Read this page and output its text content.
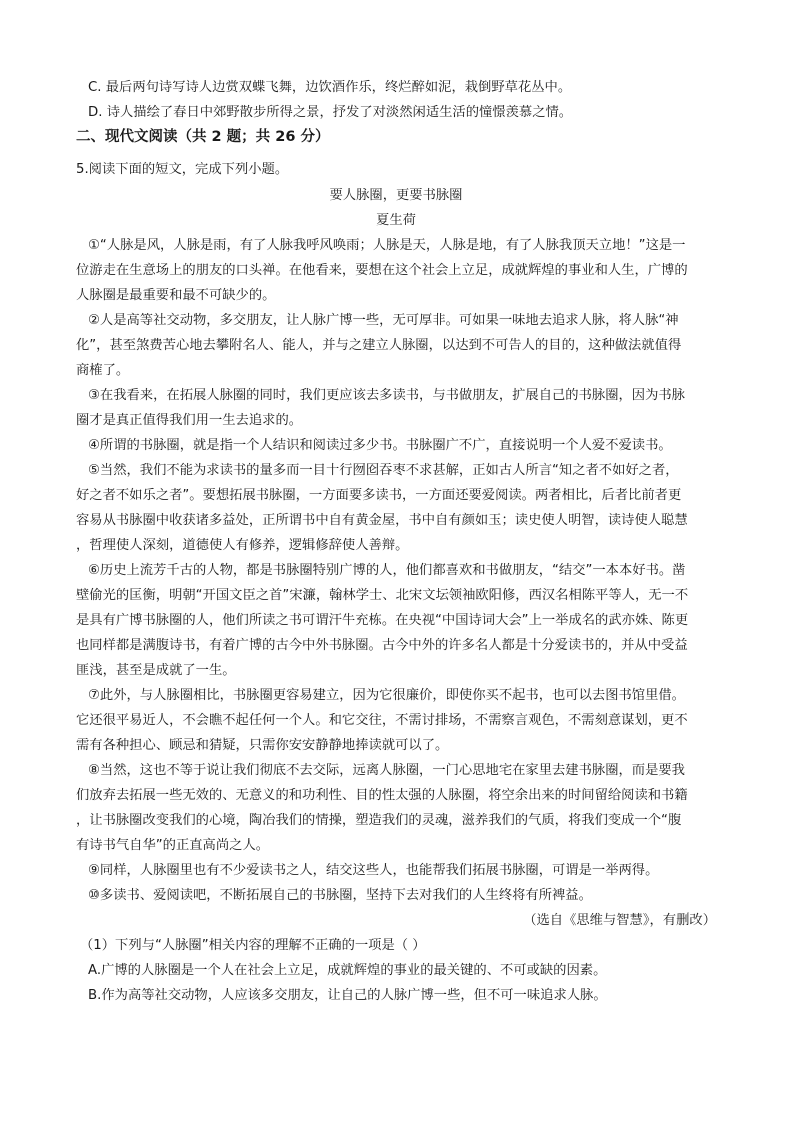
C. 最后两句诗写诗人边赏双蝶飞舞，边饮酒作乐，终烂醉如泥，栽倒野草花丛中。
D. 诗人描绘了春日中郊野散步所得之景，抒发了对淡然闲适生活的憧憬羡慕之情。
二、现代文阅读（共 2 题；共 26 分）
5.阅读下面的短文，完成下列小题。
要人脉圈，更要书脉圈
夏生荷
①“人脉是风，人脉是雨，有了人脉我呼风唤雨；人脉是天，人脉是地，有了人脉我顶天立地！”这是一
位游走在生意场上的朋友的口头禅。在他看来，要想在这个社会上立足，成就辉煌的事业和人生，广博的
人脉圈是最重要和最不可缺少的。
②人是高等社交动物，多交朋友，让人脉广博一些，无可厚非。可如果一味地去追求人脉，将人脉“神
化”，甚至煞费苦心地去攀附名人、能人，并与之建立人脉圈，以达到不可告人的目的，这种做法就值得
商榷了。
③在我看来，在拓展人脉圈的同时，我们更应该去多读书，与书做朋友，扩展自己的书脉圈，因为书脉
圈才是真正值得我们用一生去追求的。
④所谓的书脉圈，就是指一个人结识和阅读过多少书。书脉圈广不广，直接说明一个人爱不爱读书。
⑤当然，我们不能为求读书的量多而一目十行囫囵吞枣不求甚解，正如古人所言“知之者不如好之者，
好之者不如乐之者”。要想拓展书脉圈，一方面要多读书，一方面还要爱阅读。两者相比，后者比前者更
容易从书脉圈中收获诸多益处，正所谓书中自有黄金屋，书中自有颜如玉；读史使人明智，读诗使人聪慧
，哲理使人深刻，道德使人有修养，逻辑修辞使人善辩。
⑥历史上流芳千古的人物，都是书脉圈特别广博的人，他们都喜欢和书做朋友，“结交”一本本好书。凿
壁偷光的匡衡，明朝“开国文臣之首”宋濂，翰林学士、北宋文坛领袖欧阳修，西汉名相陈平等人，无一不
是具有广博书脉圈的人，他们所读之书可谓汗牛充栋。在央视“中国诗词大会”上一举成名的武亦姝、陈更
也同样都是满腹诗书，有着广博的古今中外书脉圈。古今中外的许多名人都是十分爱读书的，并从中受益
匪浅，甚至是成就了一生。
⑦此外，与人脉圈相比，书脉圈更容易建立，因为它很廉价，即使你买不起书，也可以去图书馆里借。
它还很平易近人，不会瞧不起任何一个人。和它交往，不需讨排场，不需察言观色，不需刻意谋划，更不
需有各种担心、顾忌和猜疑，只需你安安静静地捧读就可以了。
⑧当然，这也不等于说让我们彻底不去交际，远离人脉圈，一门心思地宅在家里去建书脉圈，而是要我
们放弃去拓展一些无效的、无意义的和功利性、目的性太强的人脉圈，将空余出来的时间留给阅读和书籍
，让书脉圈改变我们的心境，陶冶我们的情操，塑造我们的灵魂，滋养我们的气质，将我们变成一个“腹
有诗书气自华”的正直高尚之人。
⑨同样，人脉圈里也有不少爱读书之人，结交这些人，也能帮我们拓展书脉圈，可谓是一举两得。
⑩多读书、爱阅读吧，不断拓展自己的书脉圈，坚持下去对我们的人生终将有所裨益。
（选自《思维与智慧》，有删改）
（1）下列与“人脉圈”相关内容的理解不正确的一项是（ ）
A.广博的人脉圈是一个人在社会上立足，成就辉煌的事业的最关键的、不可或缺的因素。
B.作为高等社交动物，人应该多交朋友，让自己的人脉广博一些，但不可一味追求人脉。
